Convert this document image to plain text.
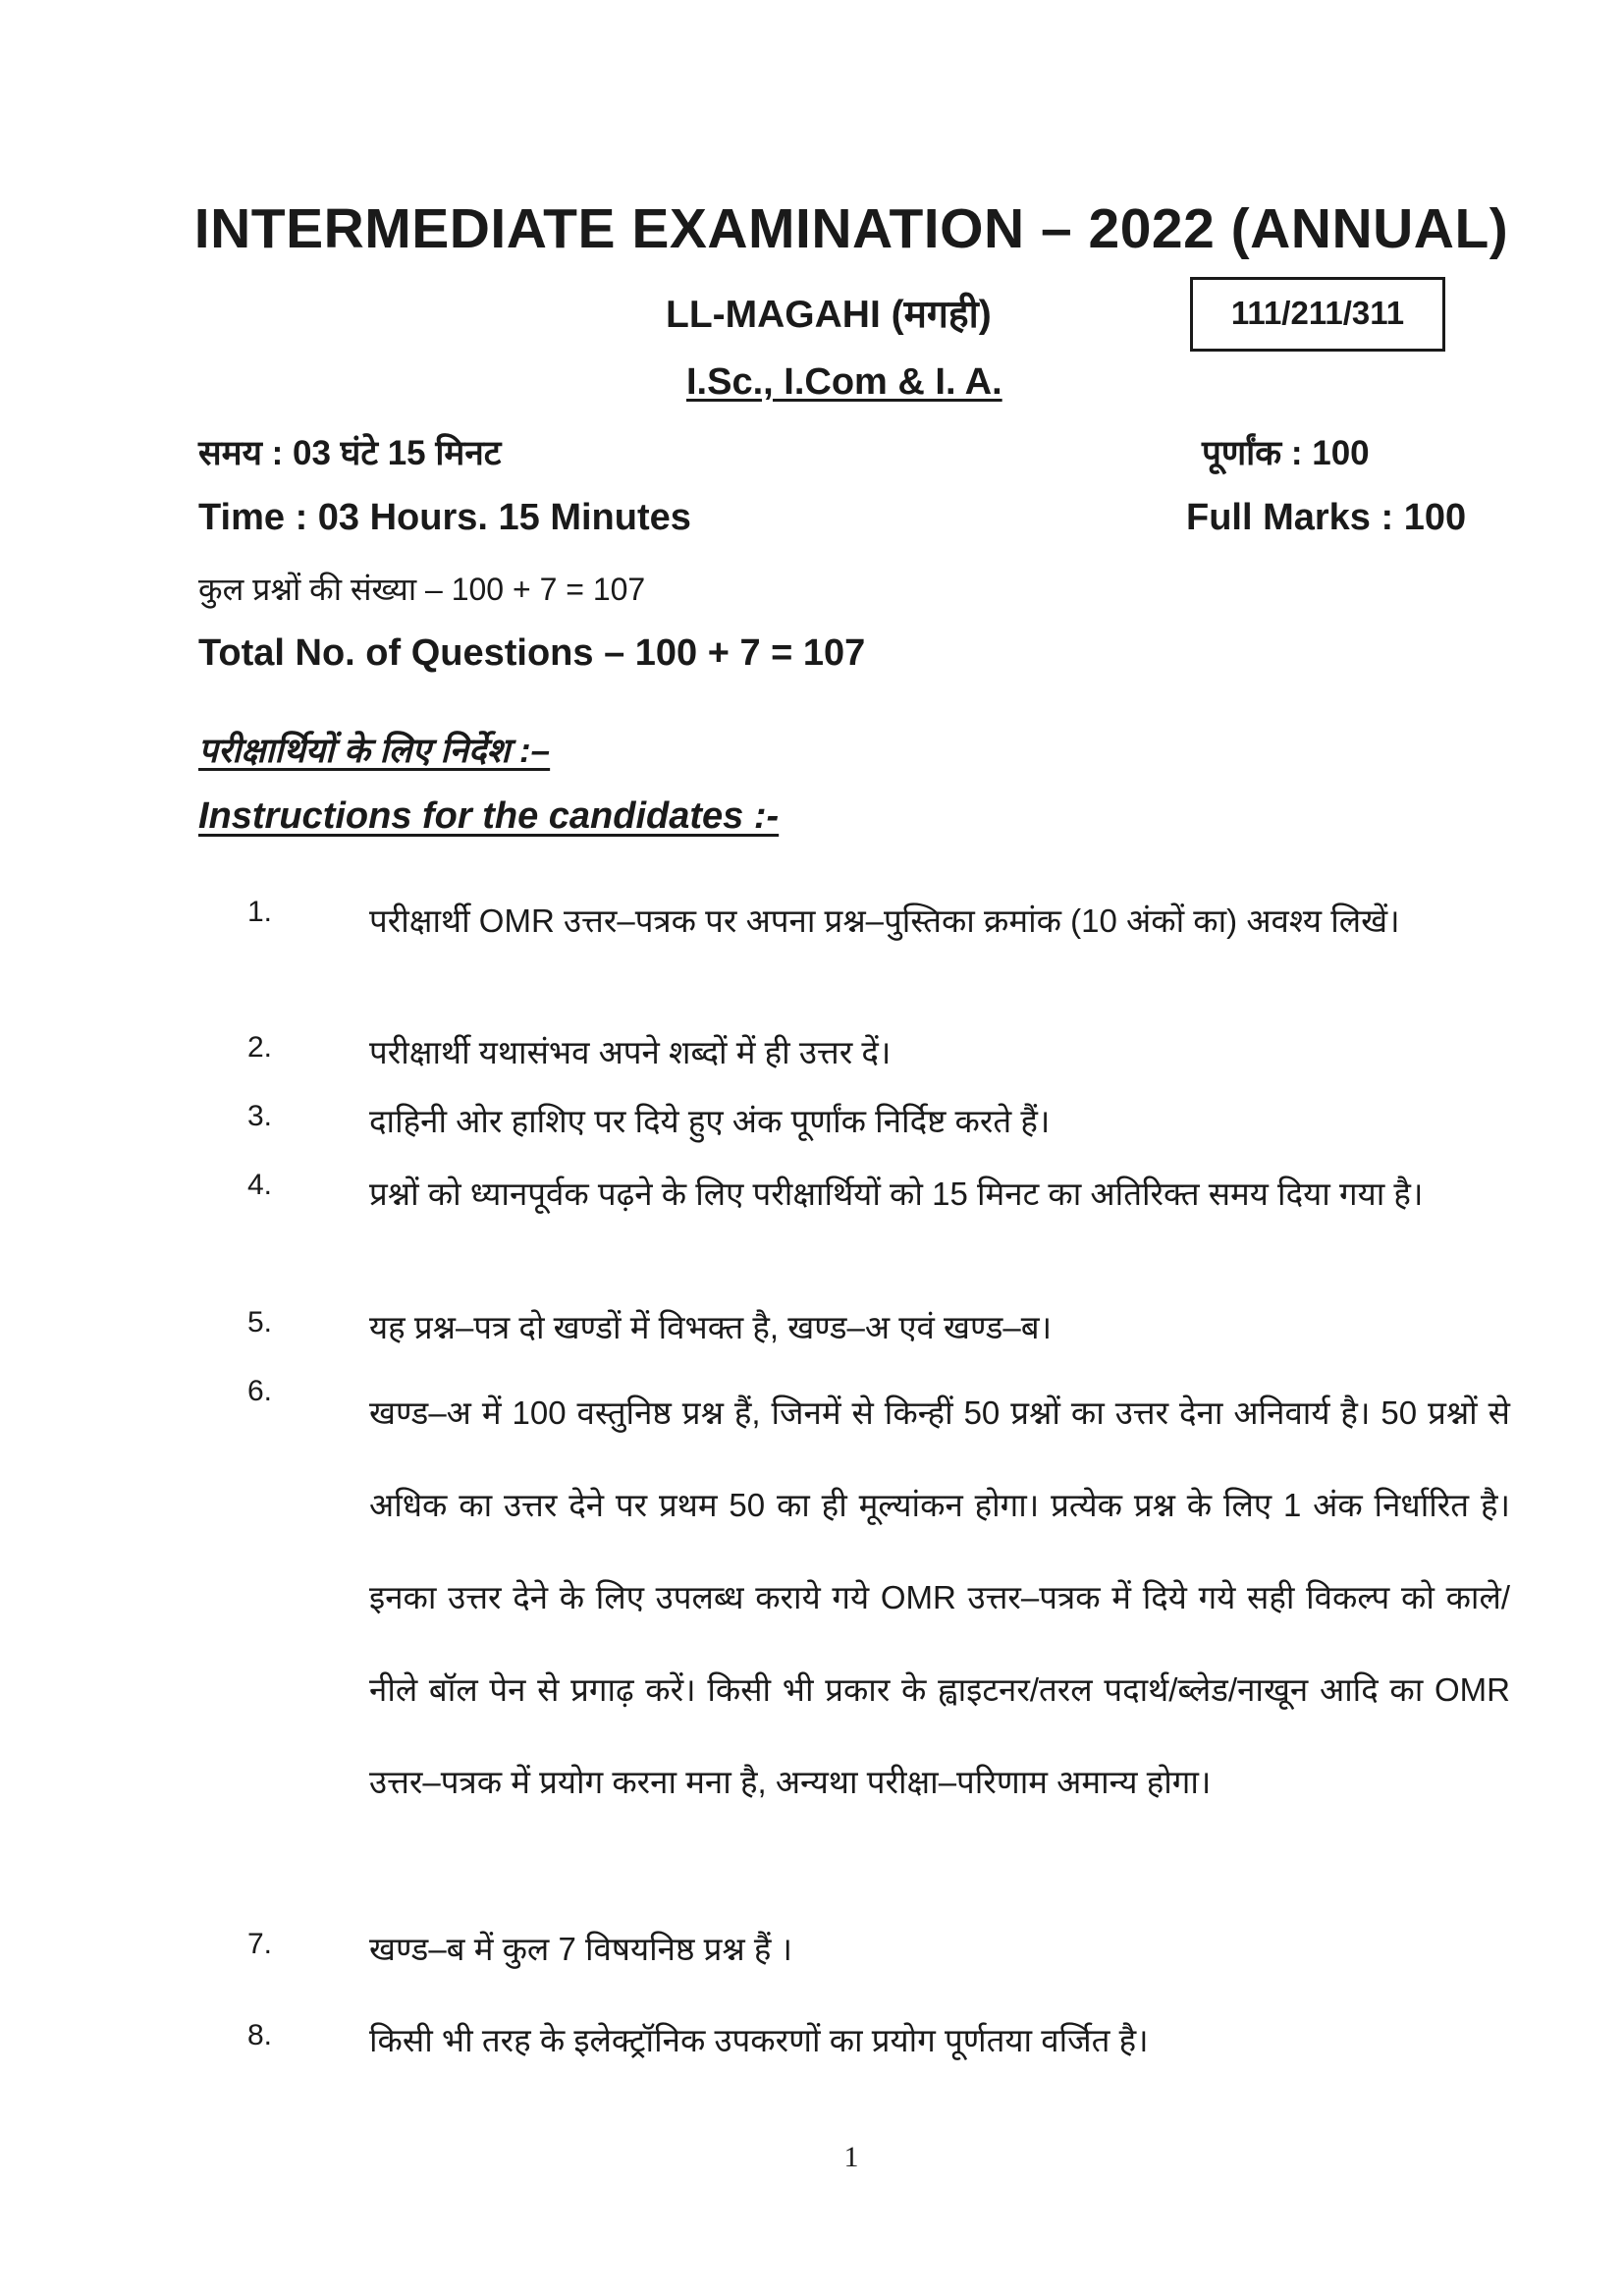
INTERMEDIATE EXAMINATION – 2022 (ANNUAL)
LL-MAGAHI (मगही)	111/211/311
I.Sc., I.Com & I. A.
समय : 03 घंटे 15 मिनट	पूर्णांक : 100
Time : 03 Hours. 15 Minutes	Full Marks : 100
कुल प्रश्नों की संख्या – 100 + 7 = 107
Total No. of Questions – 100 + 7 = 107
परीक्षार्थियों के लिए निर्देश :–
Instructions for the candidates :-
1.	परीक्षार्थी OMR उत्तर–पत्रक पर अपना प्रश्न–पुस्तिका क्रमांक (10 अंकों का) अवश्य लिखें।
2.	परीक्षार्थी यथासंभव अपने शब्दों में ही उत्तर दें।
3.	दाहिनी ओर हाशिए पर दिये हुए अंक पूर्णांक निर्दिष्ट करते हैं।
4.	प्रश्नों को ध्यानपूर्वक पढ़ने के लिए परीक्षार्थियों को 15 मिनट का अतिरिक्त समय दिया गया है।
5.	यह प्रश्न–पत्र दो खण्डों में विभक्त है, खण्ड–अ एवं खण्ड–ब।
6.
खण्ड–अ में 100 वस्तुनिष्ठ प्रश्न हैं, जिनमें से किन्हीं 50 प्रश्नों का उत्तर देना अनिवार्य है। 50 प्रश्नों से अधिक का उत्तर देने पर प्रथम 50 का ही मूल्यांकन होगा। प्रत्येक प्रश्न के लिए 1 अंक निर्धारित है। इनका उत्तर देने के लिए उपलब्ध कराये गये OMR उत्तर–पत्रक में दिये गये सही विकल्प को काले/नीले बॉल पेन से प्रगाढ़ करें। किसी भी प्रकार के ह्वाइटनर/तरल पदार्थ/ब्लेड/नाखून आदि का OMR उत्तर–पत्रक में प्रयोग करना मना है, अन्यथा परीक्षा–परिणाम अमान्य होगा।
7.	खण्ड–ब में कुल 7 विषयनिष्ठ प्रश्न हैं ।
8.	किसी भी तरह के इलेक्ट्रॉनिक उपकरणों का प्रयोग पूर्णतया वर्जित है।
1
